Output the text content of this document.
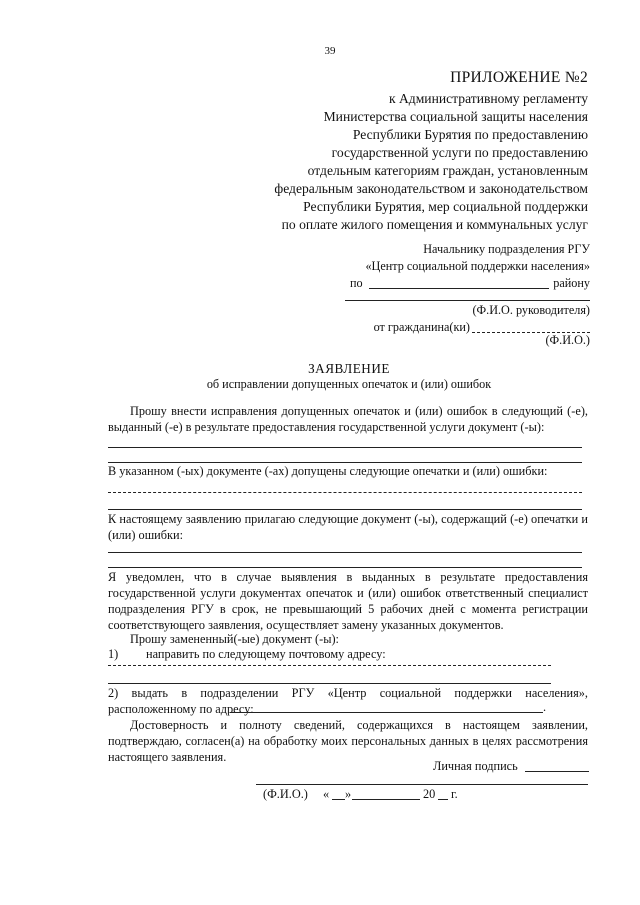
39
ПРИЛОЖЕНИЕ №2
к Административному регламенту
Министерства социальной защиты населения
Республики Бурятия по предоставлению
государственной услуги по предоставлению
отдельным категориям граждан, установленным
федеральным законодательством и законодательством
Республики Бурятия, мер социальной поддержки
по оплате жилого помещения и коммунальных услуг
Начальнику подразделения РГУ
«Центр социальной поддержки населения»
по	району
(Ф.И.О. руководителя)
от гражданина(ки)
(Ф.И.О.)
ЗАЯВЛЕНИЕ
об исправлении допущенных опечаток и (или) ошибок
Прошу внести исправления допущенных опечаток и (или) ошибок в следующий (-е), выданный (-е) в результате предоставления государственной услуги документ (-ы):
В указанном (-ых) документе (-ах) допущены следующие опечатки и (или) ошибки:
К настоящему заявлению прилагаю следующие документ (-ы), содержащий (-е) опечатки и (или) ошибки:
Я уведомлен, что в случае выявления в выданных в результате предоставления государственной услуги документах опечаток и (или) ошибок ответственный специалист подразделения РГУ в срок, не превышающий 5 рабочих дней с момента регистрации соответствующего заявления, осуществляет замену указанных документов.
Прошу замененный(-ые) документ (-ы):
1) направить по следующему почтовому адресу:
2) выдать в подразделении РГУ «Центр социальной поддержки населения», расположенному по адресу:	.
Достоверность и полноту сведений, содержащихся в настоящем заявлении, подтверждаю, согласен(а) на обработку моих персональных данных в целях рассмотрения настоящего заявления.
Личная подпись
(Ф.И.О.) « »	20 г.
